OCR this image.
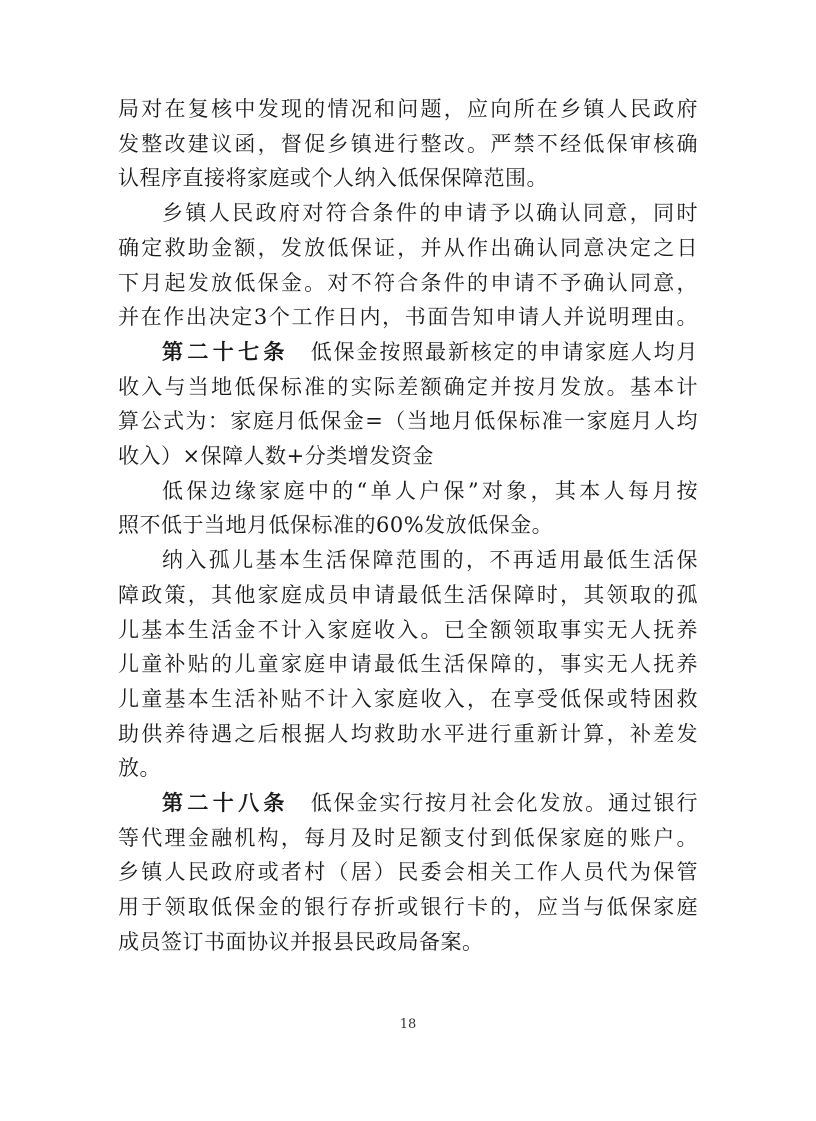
局对在复核中发现的情况和问题，应向所在乡镇人民政府
发整改建议函，督促乡镇进行整改。严禁不经低保审核确
认程序直接将家庭或个人纳入低保保障范围。
乡镇人民政府对符合条件的申请予以确认同意，同时
确定救助金额，发放低保证，并从作出确认同意决定之日
下月起发放低保金。对不符合条件的申请不予确认同意，
并在作出决定3个工作日内，书面告知申请人并说明理由。
第二十七条 低保金按照最新核定的申请家庭人均月
收入与当地低保标准的实际差额确定并按月发放。基本计
算公式为：家庭月低保金=（当地月低保标准一家庭月人均
收入）×保障人数+分类增发资金
低保边缘家庭中的“单人户保”对象，其本人每月按
照不低于当地月低保标准的60%发放低保金。
纳入孤儿基本生活保障范围的，不再适用最低生活保
障政策，其他家庭成员申请最低生活保障时，其领取的孤
儿基本生活金不计入家庭收入。已全额领取事实无人抚养
儿童补贴的儿童家庭申请最低生活保障的，事实无人抚养
儿童基本生活补贴不计入家庭收入，在享受低保或特困救
助供养待遇之后根据人均救助水平进行重新计算，补差发
放。
第二十八条 低保金实行按月社会化发放。通过银行
等代理金融机构，每月及时足额支付到低保家庭的账户。
乡镇人民政府或者村（居）民委会相关工作人员代为保管
用于领取低保金的银行存折或银行卡的，应当与低保家庭
成员签订书面协议并报县民政局备案。
18
